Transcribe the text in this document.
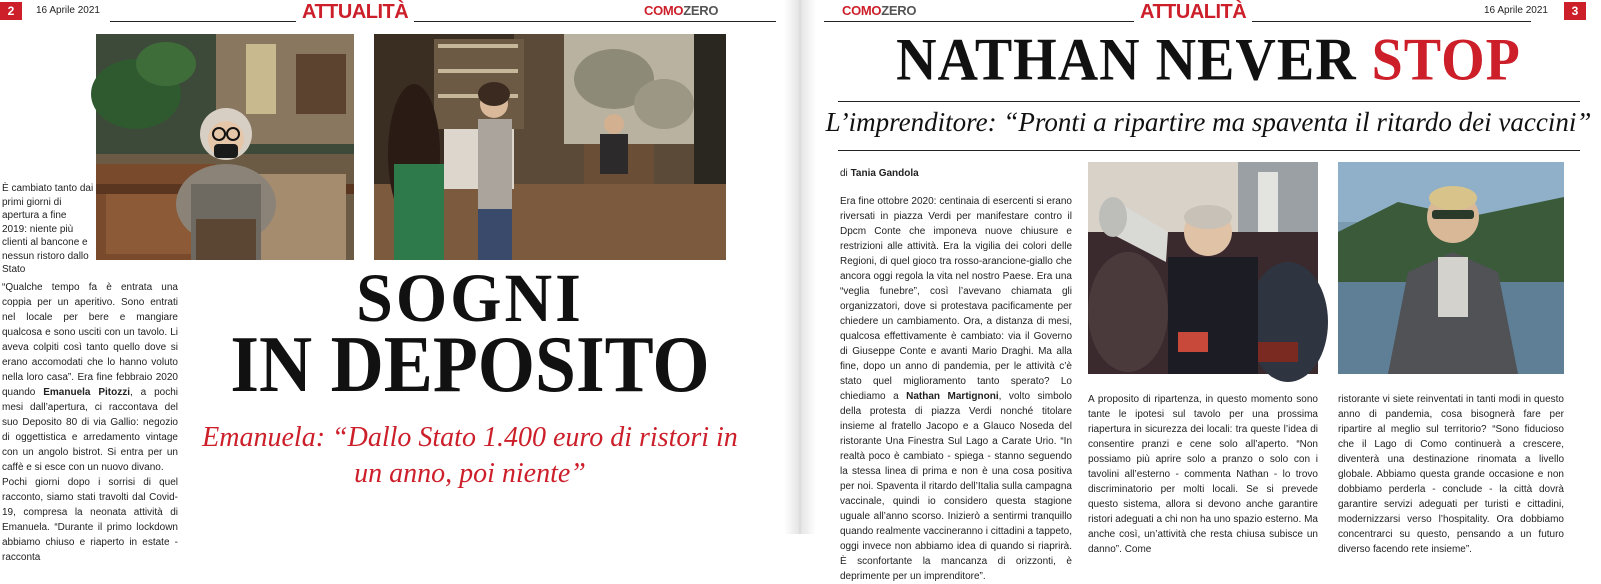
2	16 Aprile 2021	ATTUALITÀ	COMOZERO
È cambiato tanto dai primi giorni di apertura a fine 2019: niente più clienti al bancone e nessun ristoro dallo Stato
“Qualche tempo fa è entrata una coppia per un aperitivo. Sono entrati nel locale per bere e mangiare qualcosa e sono usciti con un tavolo. Li aveva colpiti così tanto quello dove si erano accomodati che lo hanno voluto nella loro casa”. Era fine febbraio 2020 quando Emanuela Pitozzi, a pochi mesi dall’apertura, ci raccontava del suo Deposito 80 di via Gallio: negozio di oggettistica e arredamento vintage con un angolo bistrot. Si entra per un caffè e si esce con un nuovo divano.
Pochi giorni dopo i sorrisi di quel racconto, siamo stati travolti dal Covid-19, compresa la neonata attività di Emanuela. “Durante il primo lockdown abbiamo chiuso e riaperto in estate - racconta
SOGNI
IN DEPOSITO
Emanuela: “Dallo Stato 1.400 euro di ristori in un anno, poi niente”
COMOZERO	ATTUALITÀ	16 Aprile 2021	3
NATHAN NEVER STOP
L’imprenditore: “Pronti a ripartire ma spaventa il ritardo dei vaccini”
di Tania Gandola
Era fine ottobre 2020: centinaia di esercenti si erano riversati in piazza Verdi per manifestare contro il Dpcm Conte che imponeva nuove chiusure e restrizioni alle attività. Era la vigilia dei colori delle Regioni, di quel gioco tra rosso-arancione-giallo che ancora oggi regola la vita nel nostro Paese. Era una “veglia funebre”, così l’avevano chiamata gli organizzatori, dove si protestava pacificamente per chiedere un cambiamento. Ora, a distanza di mesi, qualcosa effettivamente è cambiato: via il Governo di Giuseppe Conte e avanti Mario Draghi. Ma alla fine, dopo un anno di pandemia, per le attività c’è stato quel miglioramento tanto sperato? Lo chiediamo a Nathan Martignoni, volto simbolo della protesta di piazza Verdi nonché titolare insieme al fratello Jacopo e a Glauco Noseda del ristorante Una Finestra Sul Lago a Carate Urio. “In realtà poco è cambiato - spiega - stanno seguendo la stessa linea di prima e non è una cosa positiva per noi. Spaventa il ritardo dell’Italia sulla campagna vaccinale, quindi io considero questa stagione uguale all’anno scorso. Inizierò a sentirmi tranquillo quando realmente vaccineranno i cittadini a tappeto, oggi invece non abbiamo idea di quando si riaprirà. È sconfortante la mancanza di orizzonti, è deprimente per un imprenditore”.
A proposito di ripartenza, in questo momento sono tante le ipotesi sul tavolo per una prossima riapertura in sicurezza dei locali: tra queste l’idea di consentire pranzi e cene solo all’aperto. “Non possiamo più aprire solo a pranzo o solo con i tavolini all’esterno - commenta Nathan - lo trovo discriminatorio per molti locali. Se si prevede questo sistema, allora si devono anche garantire ristori adeguati a chi non ha uno spazio esterno. Ma anche così, un’attività che resta chiusa subisce un danno”. Come
ristorante vi siete reinventati in tanti modi in questo anno di pandemia, cosa bisognerà fare per ripartire al meglio sul territorio? “Sono fiducioso che il Lago di Como continuerà a crescere, diventerà una destinazione rinomata a livello globale. Abbiamo questa grande occasione e non dobbiamo perderla - conclude - la città dovrà garantire servizi adeguati per turisti e cittadini, modernizzarsi verso l’hospitality. Ora dobbiamo concentrarci su questo, pensando a un futuro diverso facendo rete insieme”.
